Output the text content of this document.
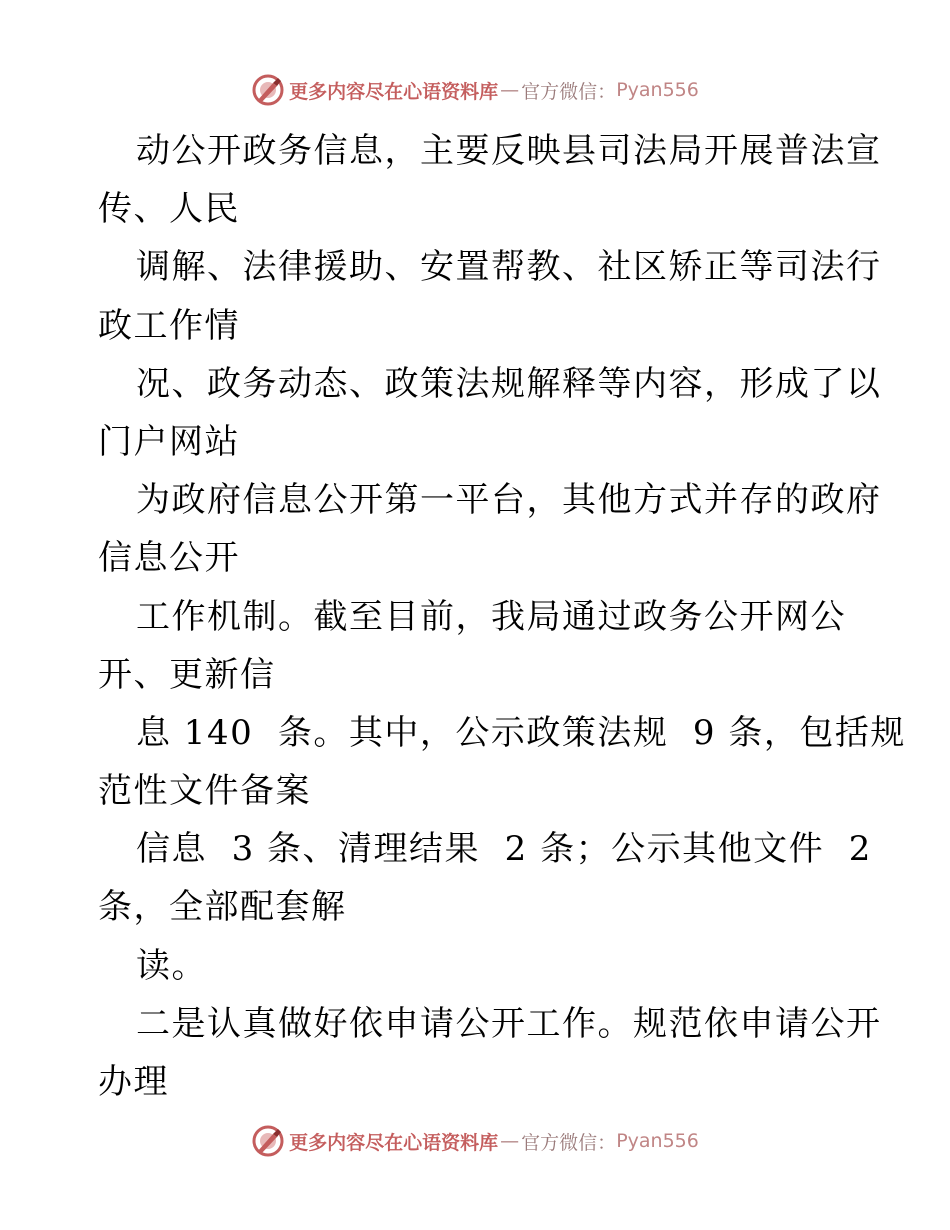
更多内容尽在心语资料库 — 官方微信： Pyan556
动公开政务信息，主要反映县司法局开展普法宣
传、人民
调解、法律援助、安置帮教、社区矫正等司法行
政工作情
况、政务动态、政策法规解释等内容，形成了以
门户网站
为政府信息公开第一平台，其他方式并存的政府
信息公开
工作机制。截至目前，我局通过政务公开网公
开、更新信
息 140  条。其中，公示政策法规  9 条，包括规
范性文件备案
信息  3 条、清理结果  2 条；公示其他文件  2
条，全部配套解
读。
二是认真做好依申请公开工作。规范依申请公开
办理
更多内容尽在心语资料库 — 官方微信： Pyan556
